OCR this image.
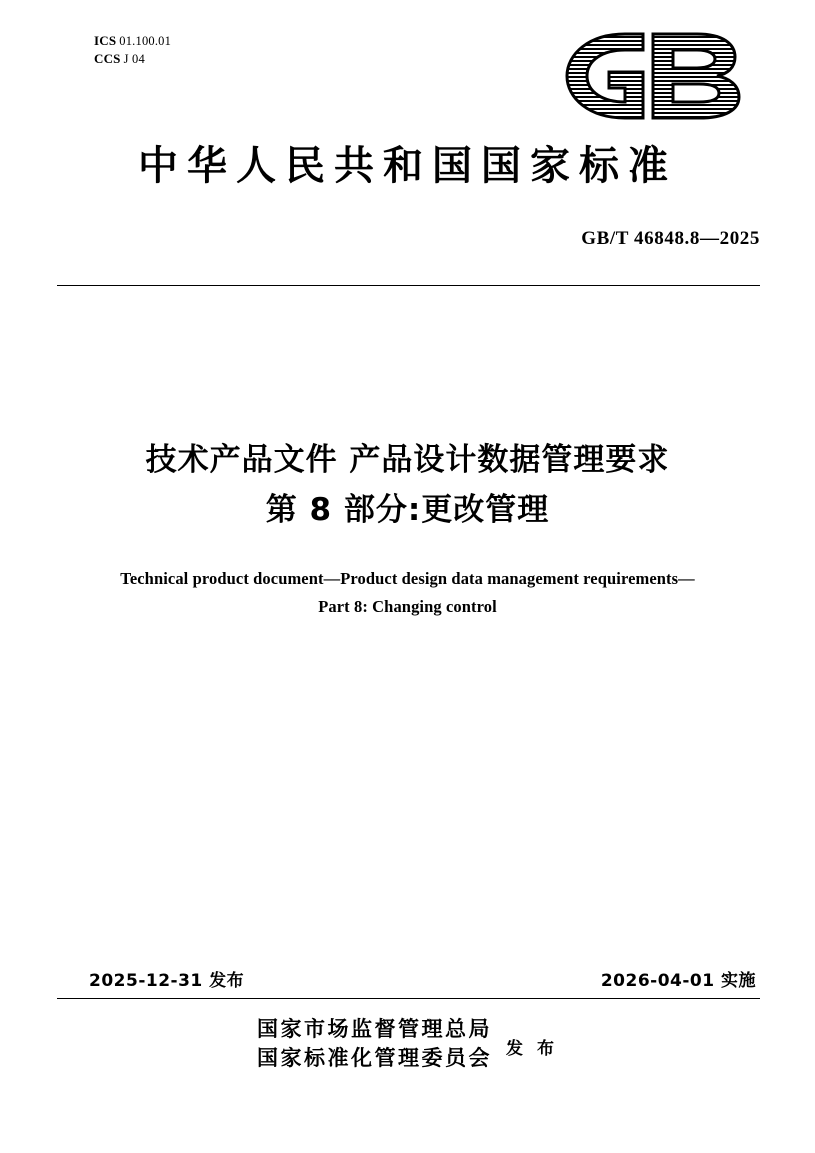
ICS 01.100.01
CCS J 04
中华人民共和国国家标准
GB/T 46848.8—2025
技术产品文件 产品设计数据管理要求
第 8 部分:更改管理
Technical product document—Product design data management requirements—
Part 8: Changing control
2025-12-31 发布	2026-04-01 实施
国家市场监督管理总局
国家标准化管理委员会 发 布
